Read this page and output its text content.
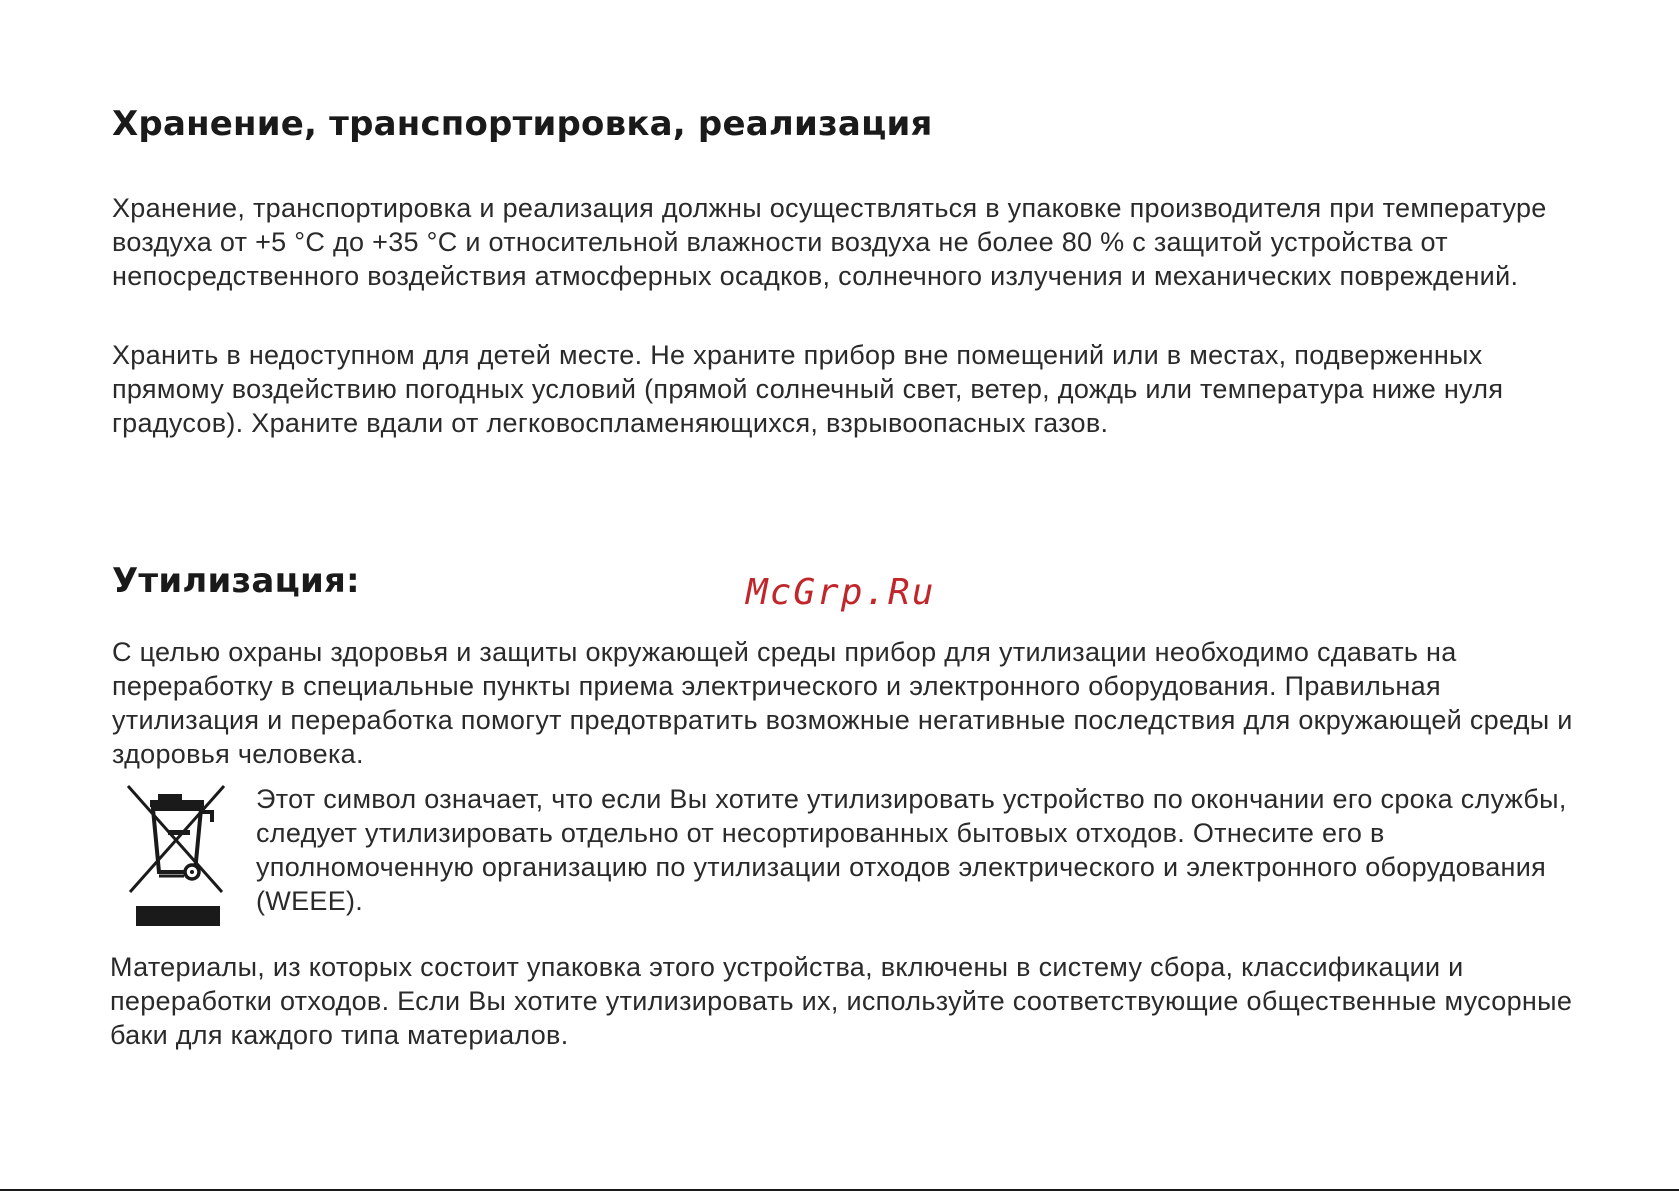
Хранение, транспортировка, реализация

Хранение, транспортировка и реализация должны осуществляться в упаковке производителя при температуре воздуха от +5 °C до +35 °C и относительной влажности воздуха не более 80 % с защитой устройства от непосредственного воздействия атмосферных осадков, солнечного излучения и механических повреждений.

Хранить в недоступном для детей месте. Не храните прибор вне помещений или в местах, подверженных прямому воздействию погодных условий (прямой солнечный свет, ветер, дождь или температура ниже нуля градусов). Храните вдали от легковоспламеняющихся, взрывоопасных газов.

Утилизация:	McGrp.Ru

С целью охраны здоровья и защиты окружающей среды прибор для утилизации необходимо сдавать на переработку в специальные пункты приема электрического и электронного оборудования. Правильная утилизация и переработка помогут предотвратить возможные негативные последствия для окружающей среды и здоровья человека.

Этот символ означает, что если Вы хотите утилизировать устройство по окончании его срока службы, следует утилизировать отдельно от несортированных бытовых отходов. Отнесите его в уполномоченную организацию по утилизации отходов электрического и электронного оборудования (WEEE).

Материалы, из которых состоит упаковка этого устройства, включены в систему сбора, классификации и переработки отходов. Если Вы хотите утилизировать их, используйте соответствующие общественные мусорные баки для каждого типа материалов.
